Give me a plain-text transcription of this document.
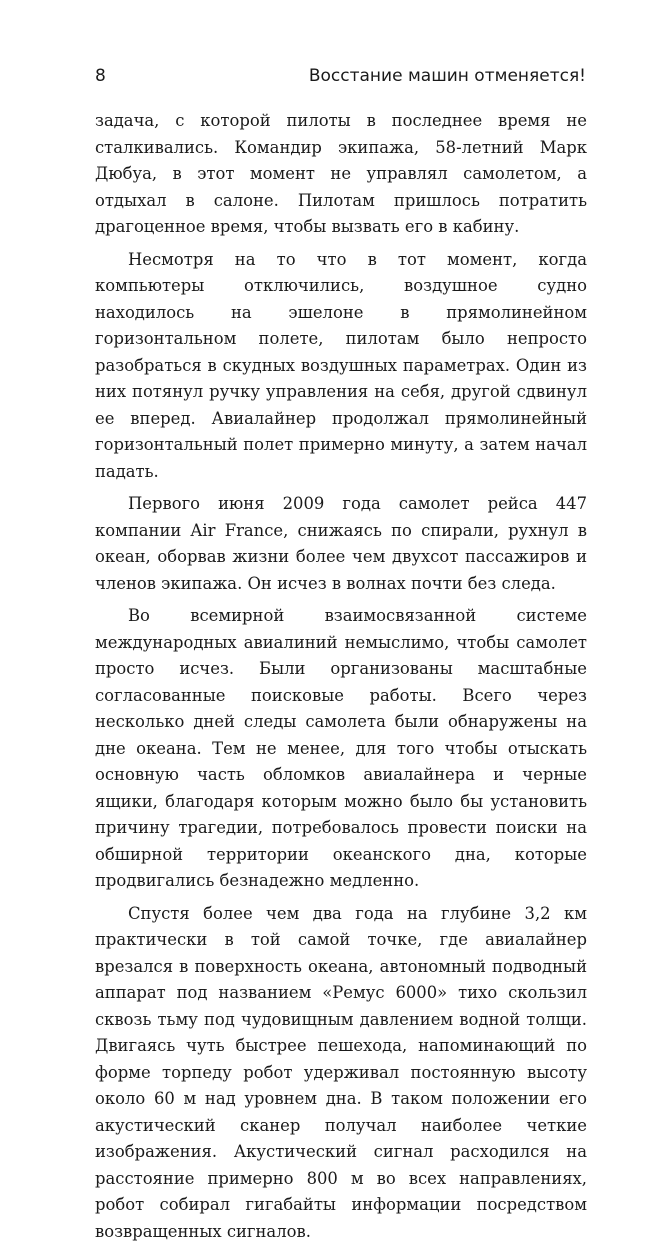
8	Восстание машин отменяется!

задача, с которой пилоты в последнее время не сталкивались. Командир экипажа, 58-летний Марк Дюбуа, в этот момент не управлял самолетом, а отдыхал в салоне. Пилотам пришлось потратить драгоценное время, чтобы вызвать его в кабину.

Несмотря на то что в тот момент, когда компьютеры отключились, воздушное судно находилось на эшелоне в прямолинейном горизонтальном полете, пилотам было непросто разобраться в скудных воздушных параметрах. Один из них потянул ручку управления на себя, другой сдвинул ее вперед. Авиалайнер продолжал прямолинейный горизонтальный полет примерно минуту, а затем начал падать.

Первого июня 2009 года самолет рейса 447 компании Air France, снижаясь по спирали, рухнул в океан, оборвав жизни более чем двухсот пассажиров и членов экипажа. Он исчез в волнах почти без следа.

Во всемирной взаимосвязанной системе международных авиалиний немыслимо, чтобы самолет просто исчез. Были организованы масштабные согласованные поисковые работы. Всего через несколько дней следы самолета были обнаружены на дне океана. Тем не менее, для того чтобы отыскать основную часть обломков авиалайнера и черные ящики, благодаря которым можно было бы установить причину трагедии, потребовалось провести поиски на обширной территории океанского дна, которые продвигались безнадежно медленно.

Спустя более чем два года на глубине 3,2 км практически в той самой точке, где авиалайнер врезался в поверхность океана, автономный подводный аппарат под названием «Ремус 6000» тихо скользил сквозь тьму под чудовищным давлением водной толщи. Двигаясь чуть быстрее пешехода, напоминающий по форме торпеду робот удерживал постоянную высоту около 60 м над уровнем дна. В таком положении его акустический сканер получал наиболее четкие изображения. Акустический сигнал расходился на расстояние примерно 800 м во всех направлениях, робот собирал гигабайты информации посредством возвращенных сигналов.
